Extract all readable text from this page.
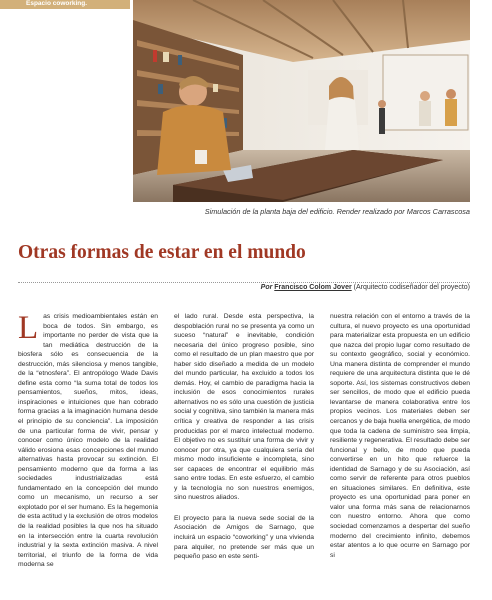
Espacio coworking.
Simulación de la planta baja del edificio. Render realizado por Marcos Carrascosa
Otras formas de estar en el mundo
Por Francisco Colom Jover (Arquitecto codiseñador del proyecto)
L as crisis medioambientales están en boca de todos. Sin embargo, es importante no perder de vista que la tan mediática destrucción de la biosfera sólo es consecuencia de la destrucción, más silenciosa y menos tangible, de la “etnosfera”. El antropólogo Wade Davis define esta como “la suma total de todos los pensamientos, sueños, mitos, ideas, inspiraciones e intuiciones que han cobrado forma gracias a la imaginación humana desde el principio de su conciencia”. La imposición de una particular forma de vivir, pensar y conocer como único modelo de la realidad válido erosiona esas concepciones del mundo alternativas hasta provocar su extinción. El pensamiento moderno que da forma a las sociedades industrializadas está fundamentado en la concepción del mundo como un mecanismo, un recurso a ser explotado por el ser humano. Es la hegemonía de esta actitud y la exclusión de otros modelos de la realidad posibles la que nos ha situado en la intersección entre la cuarta revolución industrial y la sexta extinción masiva. A nivel territorial, el triunfo de la forma de vida moderna se

el lado rural. Desde esta perspectiva, la despoblación rural no se presenta ya como un suceso “natural” e inevitable, condición necesaria del único progreso posible, sino como el resultado de un plan maestro que por haber sido diseñado a medida de un modelo del mundo particular, ha excluido a todos los demás. Hoy, el cambio de paradigma hacia la inclusión de esos conocimientos rurales alternativos no es sólo una cuestión de justicia social y cognitiva, sino también la manera más crítica y creativa de responder a las crisis producidas por el marco intelectual moderno. El objetivo no es sustituir una forma de vivir y conocer por otra, ya que cualquiera sería del mismo modo insuficiente e incompleta, sino ser capaces de encontrar el equilibrio más sano entre todas. En este esfuerzo, el cambio y la tecnología no son nuestros enemigos, sino nuestros aliados.

El proyecto para la nueva sede social de la Asociación de Amigos de Sarnago, que incluirá un espacio “coworking” y una vivienda para alquiler, no pretende ser más que un pequeño paso en este senti-

nuestra relación con el entorno a través de la cultura, el nuevo proyecto es una oportunidad para materializar esta propuesta en un edificio que nazca del propio lugar como resultado de su contexto geográfico, social y económico. Una manera distinta de comprender el mundo requiere de una arquitectura distinta que le dé soporte. Así, los sistemas constructivos deben ser sencillos, de modo que el edificio pueda levantarse de manera colaborativa entre los propios vecinos. Los materiales deben ser cercanos y de baja huella energética, de modo que toda la cadena de suministro sea limpia, resiliente y regenerativa. El resultado debe ser funcional y bello, de modo que pueda convertirse en un hito que refuerce la identidad de Sarnago y de su Asociación, así como servir de referente para otros pueblos en situaciones similares. En definitiva, este proyecto es una oportunidad para poner en valor una forma más sana de relacionarnos con nuestro entorno. Ahora que como sociedad comenzamos a despertar del sueño moderno del crecimiento infinito, debemos estar atentos a lo que ocurre en Sarnago por si
